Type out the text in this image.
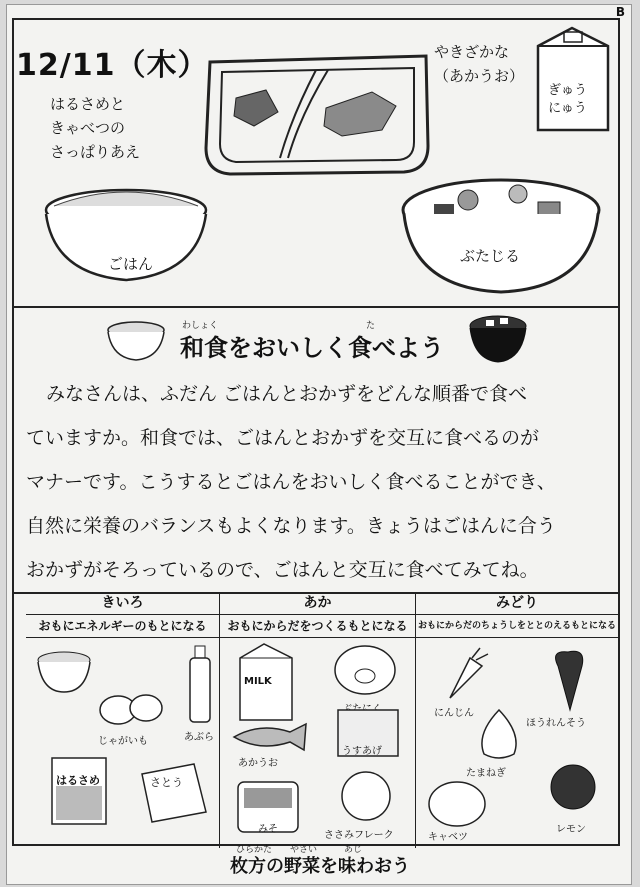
B
12/11（木）
はるさめと
きゃべつの
さっぱりあえ
やきざかな
（あかうお）
ぎゅう
にゅう
ごはん	ぶたじる
わしょく	た
和食をおいしく食べよう

みなさんは、ふだん ごはんとおかずをどんな順番で食べ

ていますか。和食では、ごはんとおかずを交互に食べるのが

マナーです。こうするとごはんをおいしく食べることができ、

自然に栄養のバランスもよくなります。きょうはごはんに合う

おかずがそろっているので、ごはんと交互に食べてみてね。

きいろ
おもにエネルギーのもとになる
じゃがいも	あぶら
はるさめ	さとう
あか
おもにからだをつくるもとになる
MILK
あかうお
うすあげ
みそ
ささみフレーク
みどり
おもにからだのちょうしをととのえるもとになる
にんじん
ほうれんそう
たまねぎ
キャベツ
レモン
ひらかた やさい	あじ
枚方の野菜を味わおう
